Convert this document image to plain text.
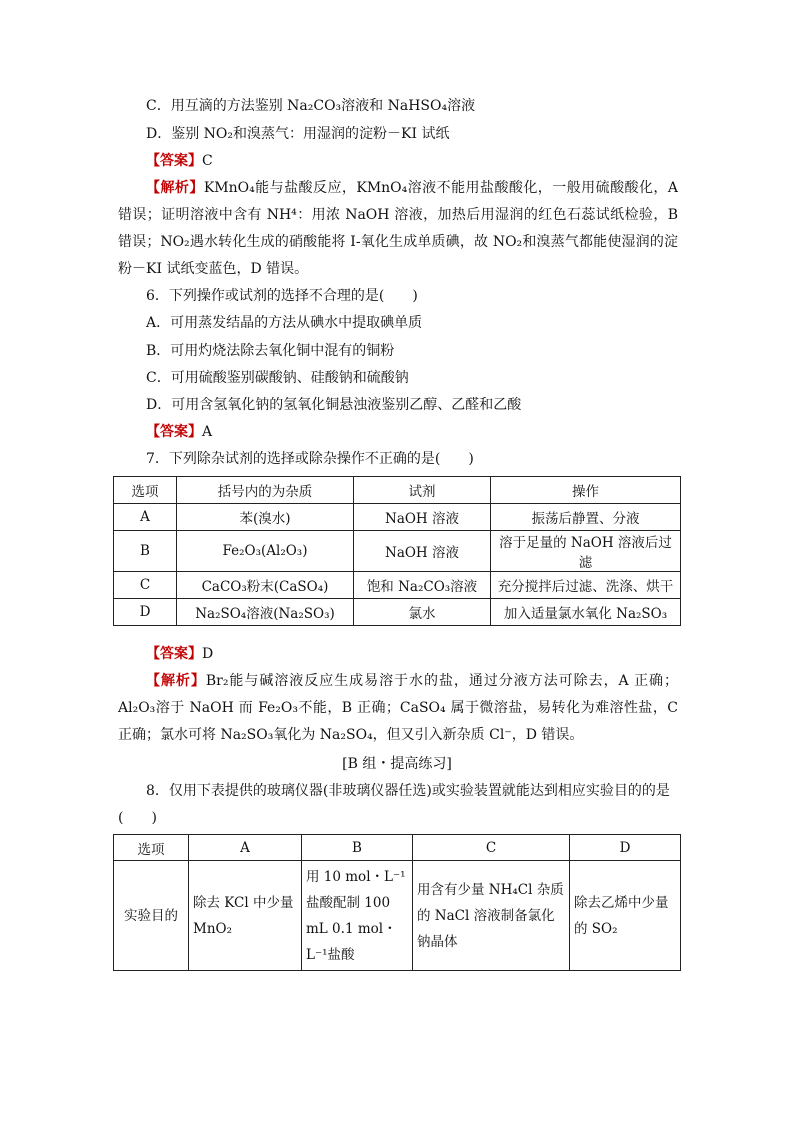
C．用互滴的方法鉴别 Na₂CO₃溶液和 NaHSO₄溶液
D．鉴别 NO₂和溴蒸气：用湿润的淀粉－KI 试纸
【答案】C
【解析】KMnO₄能与盐酸反应，KMnO₄溶液不能用盐酸酸化，一般用硫酸酸化，A 错误；证明溶液中含有 NH⁴：用浓 NaOH 溶液，加热后用湿润的红色石蕊试纸检验，B 错误；NO₂遇水转化生成的硝酸能将 I-氧化生成单质碘，故 NO₂和溴蒸气都能使湿润的淀粉－KI 试纸变蓝色，D 错误。
6．下列操作或试剂的选择不合理的是(　　)
A．可用蒸发结晶的方法从碘水中提取碘单质
B．可用灼烧法除去氧化铜中混有的铜粉
C．可用硫酸鉴别碳酸钠、硅酸钠和硫酸钠
D．可用含氢氧化钠的氢氧化铜悬浊液鉴别乙醇、乙醛和乙酸
【答案】A
7．下列除杂试剂的选择或除杂操作不正确的是(　　)
选项	括号内的为杂质	试剂	操作
A	苯(溴水)	NaOH 溶液	振荡后静置、分液
B	Fe₂O₃(Al₂O₃)	NaOH 溶液	溶于足量的 NaOH 溶液后过滤
C	CaCO₃粉末(CaSO₄)	饱和 Na₂CO₃溶液	充分搅拌后过滤、洗涤、烘干
D	Na₂SO₄溶液(Na₂SO₃)	氯水	加入适量氯水氧化 Na₂SO₃
【答案】D
【解析】Br₂能与碱溶液反应生成易溶于水的盐，通过分液方法可除去，A 正确；Al₂O₃溶于 NaOH 而 Fe₂O₃不能，B 正确；CaSO₄ 属于微溶盐，易转化为难溶性盐，C 正确；氯水可将 Na₂SO₃氧化为 Na₂SO₄，但又引入新杂质 Cl⁻，D 错误。
[B 组・提高练习]
8．仅用下表提供的玻璃仪器(非玻璃仪器任选)或实验装置就能达到相应实验目的的是
(　　)
选项	A	B	C	D
实验目的	除去 KCl 中少量 MnO₂	用 10 mol・L⁻¹ 盐酸配制 100 mL 0.1 mol・L⁻¹盐酸	用含有少量 NH₄Cl 杂质的 NaCl 溶液制备氯化钠晶体	除去乙烯中少量的 SO₂
